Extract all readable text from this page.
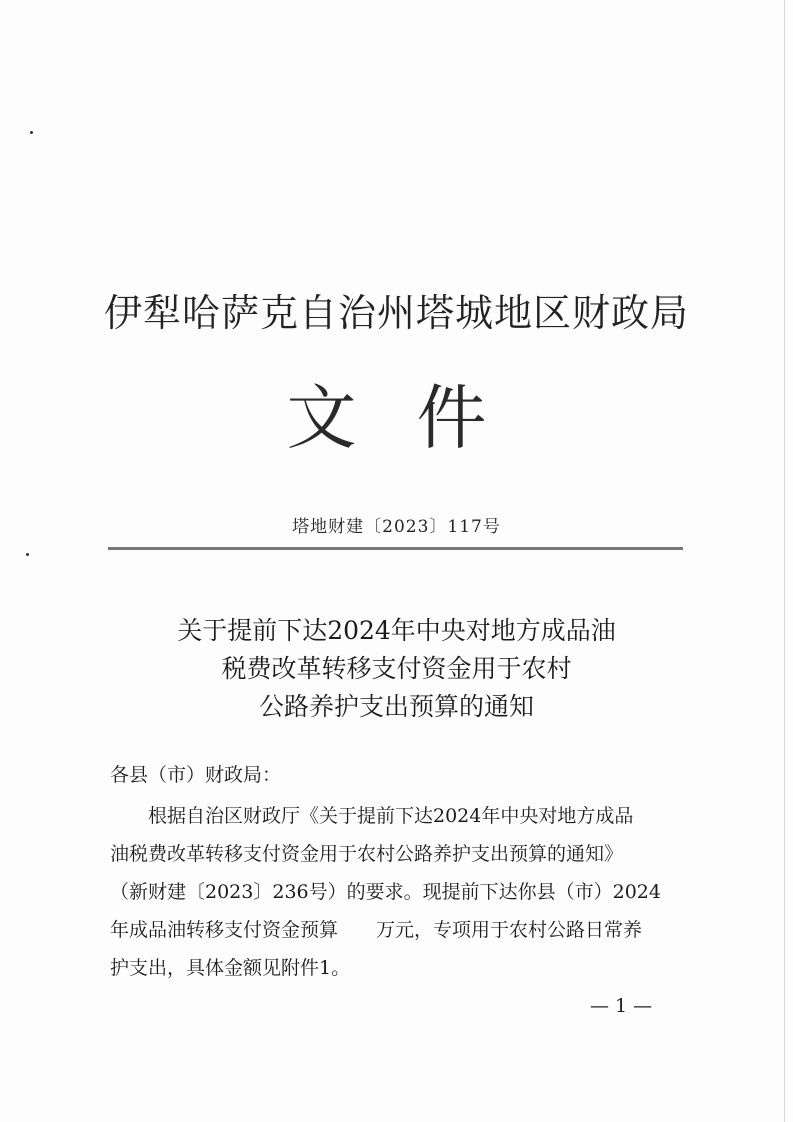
伊犁哈萨克自治州塔城地区财政局
文件
塔地财建〔2023〕117号
关于提前下达2024年中央对地方成品油
税费改革转移支付资金用于农村
公路养护支出预算的通知
各县（市）财政局：
根据自治区财政厅《关于提前下达2024年中央对地方成品
油税费改革转移支付资金用于农村公路养护支出预算的通知》
（新财建〔2023〕236号）的要求。现提前下达你县（市）2024
年成品油转移支付资金预算　　万元，专项用于农村公路日常养
护支出，具体金额见附件1。
— 1 —
